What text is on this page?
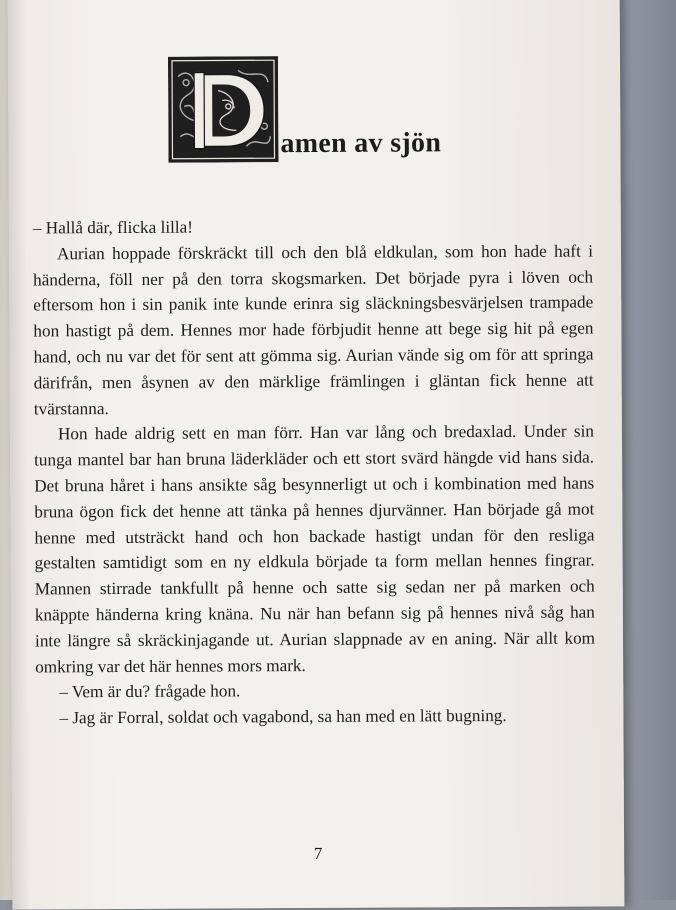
amen av sjön

– Hallå där, flicka lilla!

Aurian hoppade förskräckt till och den blå eldkulan, som hon hade haft i händerna, föll ner på den torra skogsmarken. Det började pyra i löven och eftersom hon i sin panik inte kunde erinra sig släckningsbesvärjelsen trampade hon hastigt på dem. Hennes mor hade förbjudit henne att bege sig hit på egen hand, och nu var det för sent att gömma sig. Aurian vände sig om för att springa därifrån, men åsynen av den märklige främlingen i gläntan fick henne att tvärstanna.

Hon hade aldrig sett en man förr. Han var lång och bredaxlad. Under sin tunga mantel bar han bruna läderkläder och ett stort svärd hängde vid hans sida. Det bruna håret i hans ansikte såg besynnerligt ut och i kombination med hans bruna ögon fick det henne att tänka på hennes djurvänner. Han började gå mot henne med utsträckt hand och hon backade hastigt undan för den resliga gestalten samtidigt som en ny eldkula började ta form mellan hennes fingrar. Mannen stirrade tankfullt på henne och satte sig sedan ner på marken och knäppte händerna kring knäna. Nu när han befann sig på hennes nivå såg han inte längre så skräckinjagande ut. Aurian slappnade av en aning. När allt kom omkring var det här hennes mors mark.

– Vem är du? frågade hon.

– Jag är Forral, soldat och vagabond, sa han med en lätt bugning.

7
